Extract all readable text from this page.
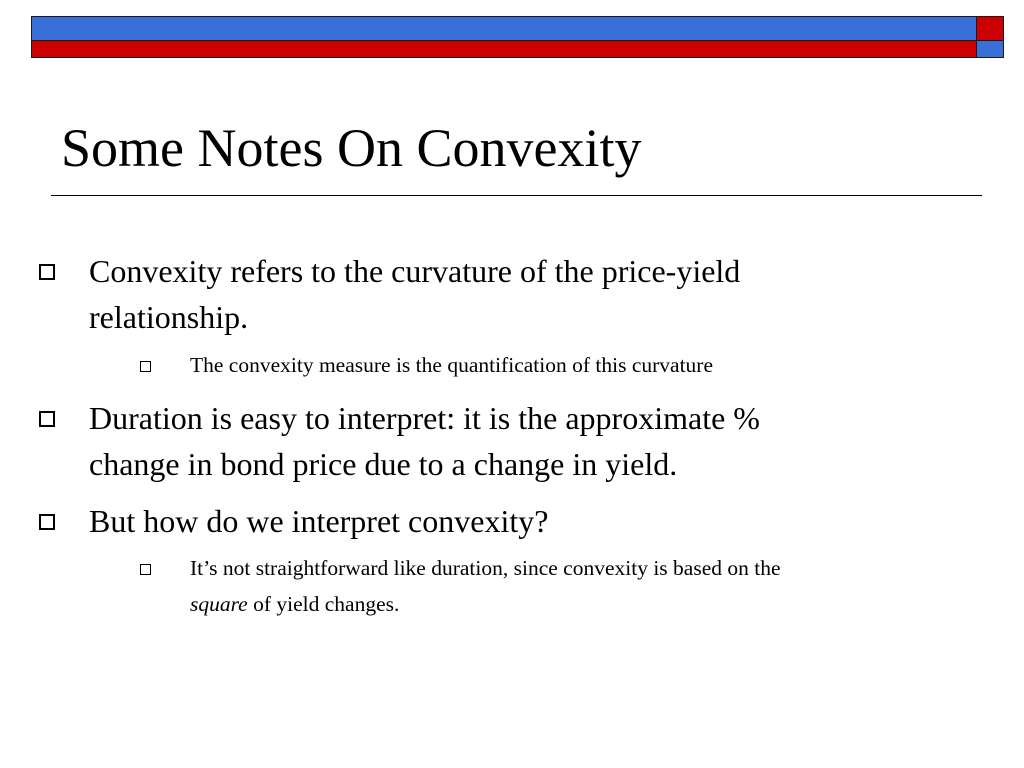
Some Notes On Convexity
Convexity refers to the curvature of the price-yield
relationship.
The convexity measure is the quantification of this curvature
Duration is easy to interpret: it is the approximate %
change in bond price due to a change in yield.
But how do we interpret convexity?
It’s not straightforward like duration, since convexity is based on the
square of yield changes.
